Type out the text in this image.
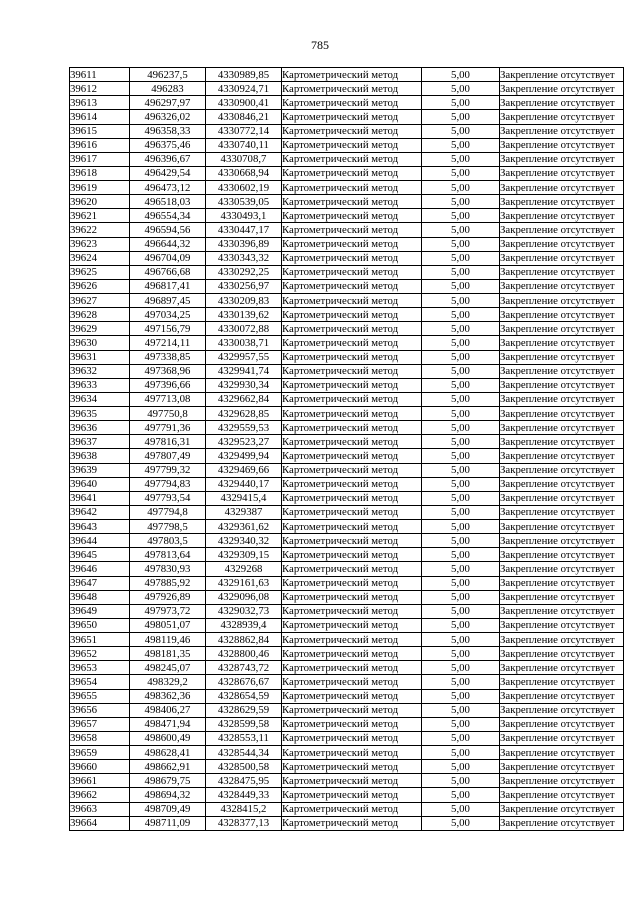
785
39611	496237,5	4330989,85	Картометрический метод	5,00	Закрепление отсутствует
39612	496283	4330924,71	Картометрический метод	5,00	Закрепление отсутствует
39613	496297,97	4330900,41	Картометрический метод	5,00	Закрепление отсутствует
39614	496326,02	4330846,21	Картометрический метод	5,00	Закрепление отсутствует
39615	496358,33	4330772,14	Картометрический метод	5,00	Закрепление отсутствует
39616	496375,46	4330740,11	Картометрический метод	5,00	Закрепление отсутствует
39617	496396,67	4330708,7	Картометрический метод	5,00	Закрепление отсутствует
39618	496429,54	4330668,94	Картометрический метод	5,00	Закрепление отсутствует
39619	496473,12	4330602,19	Картометрический метод	5,00	Закрепление отсутствует
39620	496518,03	4330539,05	Картометрический метод	5,00	Закрепление отсутствует
39621	496554,34	4330493,1	Картометрический метод	5,00	Закрепление отсутствует
39622	496594,56	4330447,17	Картометрический метод	5,00	Закрепление отсутствует
39623	496644,32	4330396,89	Картометрический метод	5,00	Закрепление отсутствует
39624	496704,09	4330343,32	Картометрический метод	5,00	Закрепление отсутствует
39625	496766,68	4330292,25	Картометрический метод	5,00	Закрепление отсутствует
39626	496817,41	4330256,97	Картометрический метод	5,00	Закрепление отсутствует
39627	496897,45	4330209,83	Картометрический метод	5,00	Закрепление отсутствует
39628	497034,25	4330139,62	Картометрический метод	5,00	Закрепление отсутствует
39629	497156,79	4330072,88	Картометрический метод	5,00	Закрепление отсутствует
39630	497214,11	4330038,71	Картометрический метод	5,00	Закрепление отсутствует
39631	497338,85	4329957,55	Картометрический метод	5,00	Закрепление отсутствует
39632	497368,96	4329941,74	Картометрический метод	5,00	Закрепление отсутствует
39633	497396,66	4329930,34	Картометрический метод	5,00	Закрепление отсутствует
39634	497713,08	4329662,84	Картометрический метод	5,00	Закрепление отсутствует
39635	497750,8	4329628,85	Картометрический метод	5,00	Закрепление отсутствует
39636	497791,36	4329559,53	Картометрический метод	5,00	Закрепление отсутствует
39637	497816,31	4329523,27	Картометрический метод	5,00	Закрепление отсутствует
39638	497807,49	4329499,94	Картометрический метод	5,00	Закрепление отсутствует
39639	497799,32	4329469,66	Картометрический метод	5,00	Закрепление отсутствует
39640	497794,83	4329440,17	Картометрический метод	5,00	Закрепление отсутствует
39641	497793,54	4329415,4	Картометрический метод	5,00	Закрепление отсутствует
39642	497794,8	4329387	Картометрический метод	5,00	Закрепление отсутствует
39643	497798,5	4329361,62	Картометрический метод	5,00	Закрепление отсутствует
39644	497803,5	4329340,32	Картометрический метод	5,00	Закрепление отсутствует
39645	497813,64	4329309,15	Картометрический метод	5,00	Закрепление отсутствует
39646	497830,93	4329268	Картометрический метод	5,00	Закрепление отсутствует
39647	497885,92	4329161,63	Картометрический метод	5,00	Закрепление отсутствует
39648	497926,89	4329096,08	Картометрический метод	5,00	Закрепление отсутствует
39649	497973,72	4329032,73	Картометрический метод	5,00	Закрепление отсутствует
39650	498051,07	4328939,4	Картометрический метод	5,00	Закрепление отсутствует
39651	498119,46	4328862,84	Картометрический метод	5,00	Закрепление отсутствует
39652	498181,35	4328800,46	Картометрический метод	5,00	Закрепление отсутствует
39653	498245,07	4328743,72	Картометрический метод	5,00	Закрепление отсутствует
39654	498329,2	4328676,67	Картометрический метод	5,00	Закрепление отсутствует
39655	498362,36	4328654,59	Картометрический метод	5,00	Закрепление отсутствует
39656	498406,27	4328629,59	Картометрический метод	5,00	Закрепление отсутствует
39657	498471,94	4328599,58	Картометрический метод	5,00	Закрепление отсутствует
39658	498600,49	4328553,11	Картометрический метод	5,00	Закрепление отсутствует
39659	498628,41	4328544,34	Картометрический метод	5,00	Закрепление отсутствует
39660	498662,91	4328500,58	Картометрический метод	5,00	Закрепление отсутствует
39661	498679,75	4328475,95	Картометрический метод	5,00	Закрепление отсутствует
39662	498694,32	4328449,33	Картометрический метод	5,00	Закрепление отсутствует
39663	498709,49	4328415,2	Картометрический метод	5,00	Закрепление отсутствует
39664	498711,09	4328377,13	Картометрический метод	5,00	Закрепление отсутствует
